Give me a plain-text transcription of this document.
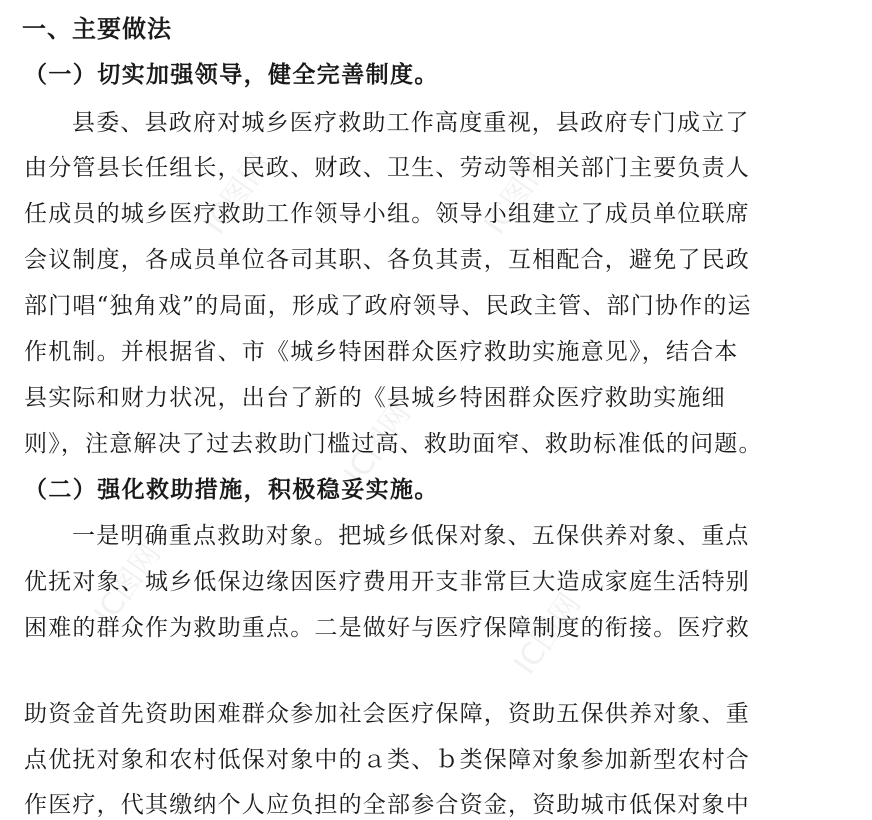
IC图网	IC图网
IC图网
IC图网
IC图网
一、主要做法
（一）切实加强领导，健全完善制度。
县委、县政府对城乡医疗救助工作高度重视，县政府专门成立了
由分管县长任组长，民政、财政、卫生、劳动等相关部门主要负责人
任成员的城乡医疗救助工作领导小组。领导小组建立了成员单位联席
会议制度，各成员单位各司其职、各负其责，互相配合，避免了民政
部门唱“独角戏”的局面，形成了政府领导、民政主管、部门协作的运
作机制。并根据省、市《城乡特困群众医疗救助实施意见》，结合本
县实际和财力状况，出台了新的《县城乡特困群众医疗救助实施细
则》，注意解决了过去救助门槛过高、救助面窄、救助标准低的问题。
（二）强化救助措施，积极稳妥实施。
一是明确重点救助对象。把城乡低保对象、五保供养对象、重点
优抚对象、城乡低保边缘因医疗费用开支非常巨大造成家庭生活特别
困难的群众作为救助重点。二是做好与医疗保障制度的衔接。医疗救
助资金首先资助困难群众参加社会医疗保障，资助五保供养对象、重
点优抚对象和农村低保对象中的ａ类、ｂ类保障对象参加新型农村合
作医疗，代其缴纳个人应负担的全部参合资金，资助城市低保对象中
